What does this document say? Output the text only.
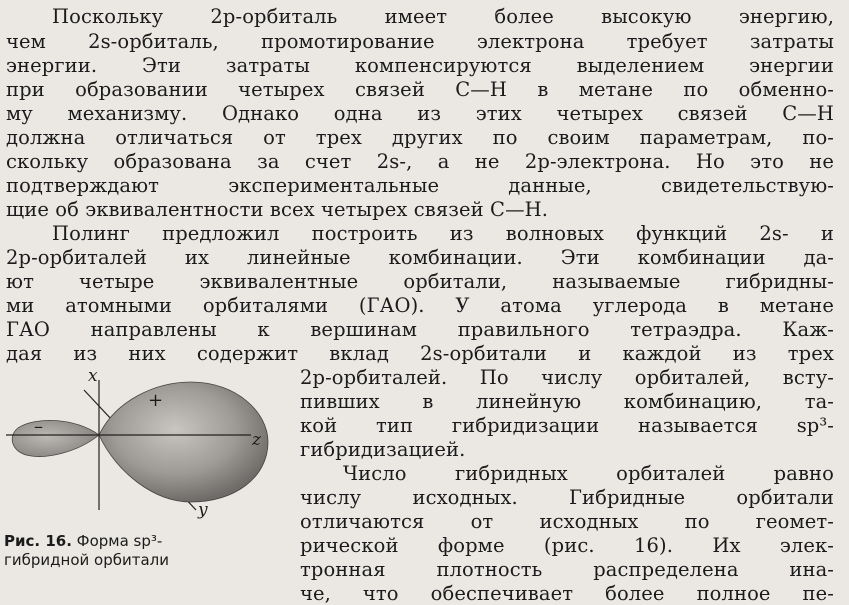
Поскольку 2p-орбиталь имеет более высокую энергию,
чем 2s-орбиталь, промотирование электрона требует затраты
энергии. Эти затраты компенсируются выделением энергии
при образовании четырех связей C—H в метане по обменно-
му механизму. Однако одна из этих четырех связей C—H
должна отличаться от трех других по своим параметрам, по-
скольку образована за счет 2s-, а не 2p-электрона. Но это не
подтверждают экспериментальные данные, свидетельствую-
щие об эквивалентности всех четырех связей C—H.
Полинг предложил построить из волновых функций 2s- и
2p-орбиталей их линейные комбинации. Эти комбинации да-
ют четыре эквивалентные орбитали, называемые гибридны-
ми атомными орбиталями (ГАО). У атома углерода в метане
ГАО направлены к вершинам правильного тетраэдра. Каж-
дая из них содержит вклад 2s-орбитали и каждой из трех
2p-орбиталей. По числу орбиталей, всту-
пивших в линейную комбинацию, та-
кой тип гибридизации называется sp³-
гибридизацией.
Число гибридных орбиталей равно
числу исходных. Гибридные орбитали
отличаются от исходных по геомет-
рической форме (рис. 16). Их элек-
тронная плотность распределена ина-
че, что обеспечивает более полное пе-
x
z
y
+
–
Рис. 16. Форма sp³-
гибридной орбитали
